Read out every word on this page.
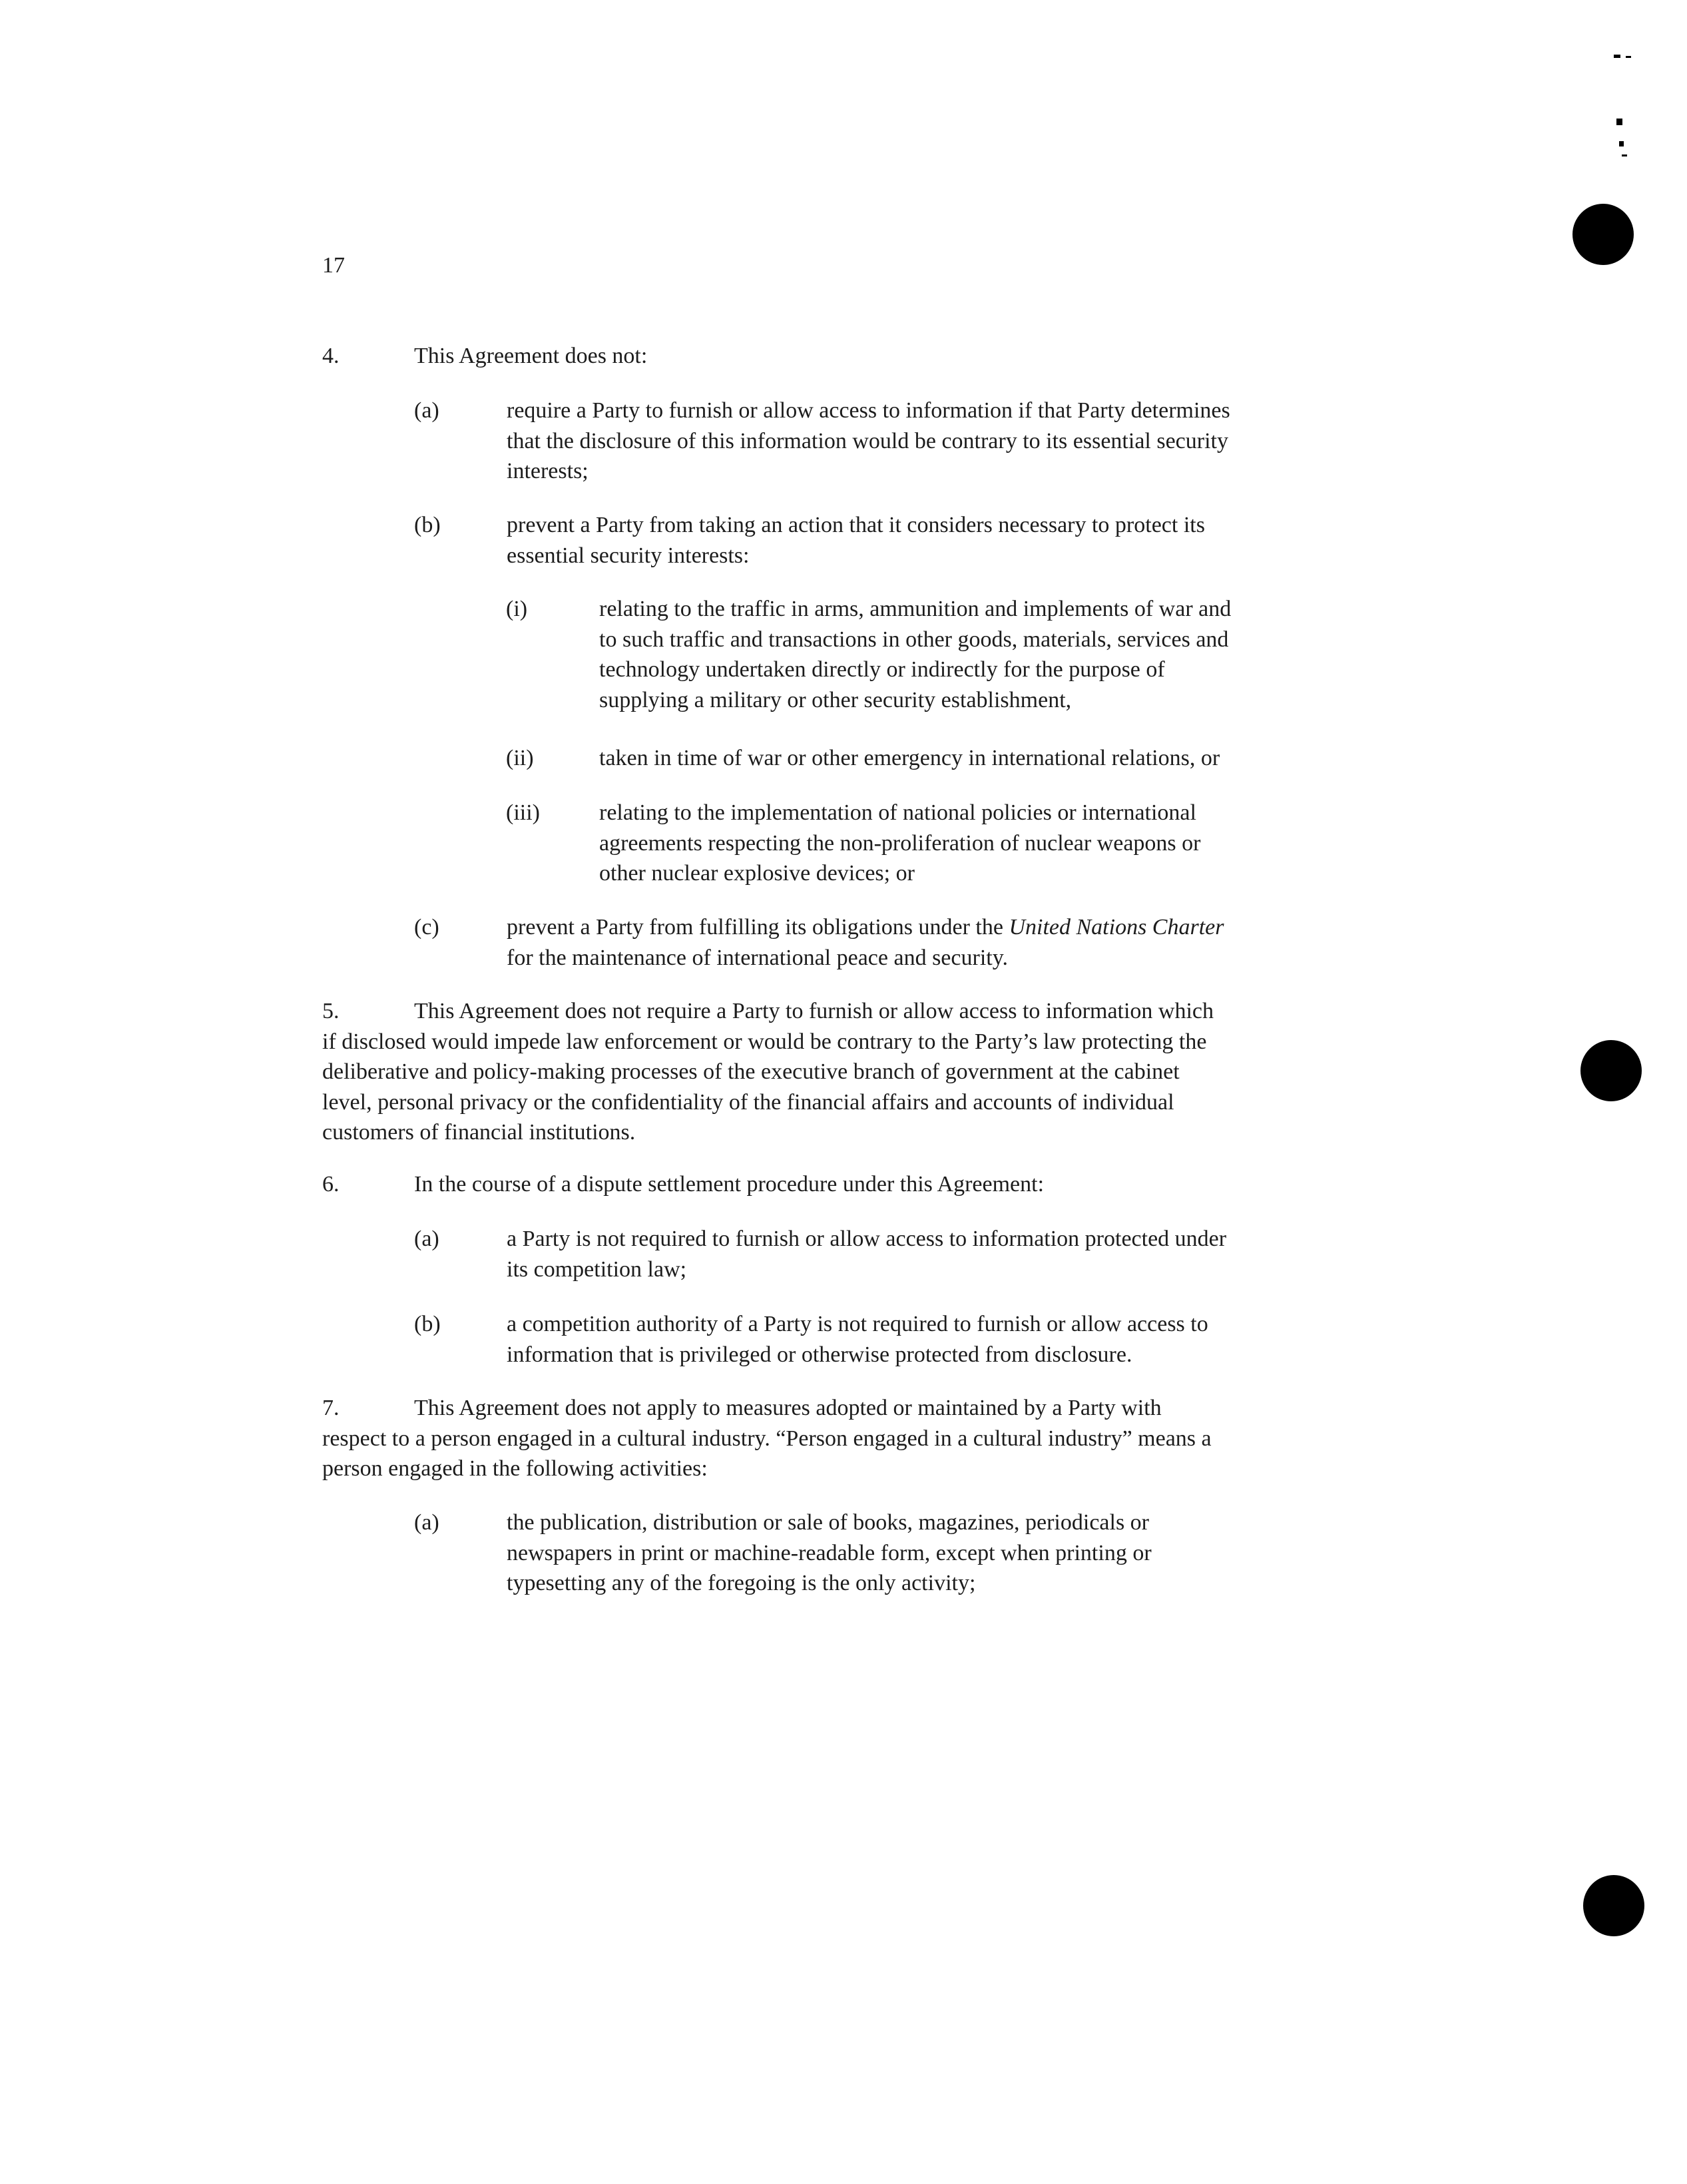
17
4.	This Agreement does not:
(a)	require a Party to furnish or allow access to information if that Party determines
that the disclosure of this information would be contrary to its essential security
interests;
(b)	prevent a Party from taking an action that it considers necessary to protect its
essential security interests:
(i)	relating to the traffic in arms, ammunition and implements of war and
to such traffic and transactions in other goods, materials, services and
technology undertaken directly or indirectly for the purpose of
supplying a military or other security establishment,
(ii)	taken in time of war or other emergency in international relations, or
(iii)	relating to the implementation of national policies or international
agreements respecting the non-proliferation of nuclear weapons or
other nuclear explosive devices; or
(c)	prevent a Party from fulfilling its obligations under the United Nations Charter
for the maintenance of international peace and security.
5.	This Agreement does not require a Party to furnish or allow access to information which
if disclosed would impede law enforcement or would be contrary to the Party’s law protecting the
deliberative and policy-making processes of the executive branch of government at the cabinet
level, personal privacy or the confidentiality of the financial affairs and accounts of individual
customers of financial institutions.
6.	In the course of a dispute settlement procedure under this Agreement:
(a)	a Party is not required to furnish or allow access to information protected under
its competition law;
(b)	a competition authority of a Party is not required to furnish or allow access to
information that is privileged or otherwise protected from disclosure.
7.	This Agreement does not apply to measures adopted or maintained by a Party with
respect to a person engaged in a cultural industry. “Person engaged in a cultural industry” means a
person engaged in the following activities:
(a)	the publication, distribution or sale of books, magazines, periodicals or
newspapers in print or machine-readable form, except when printing or
typesetting any of the foregoing is the only activity;
